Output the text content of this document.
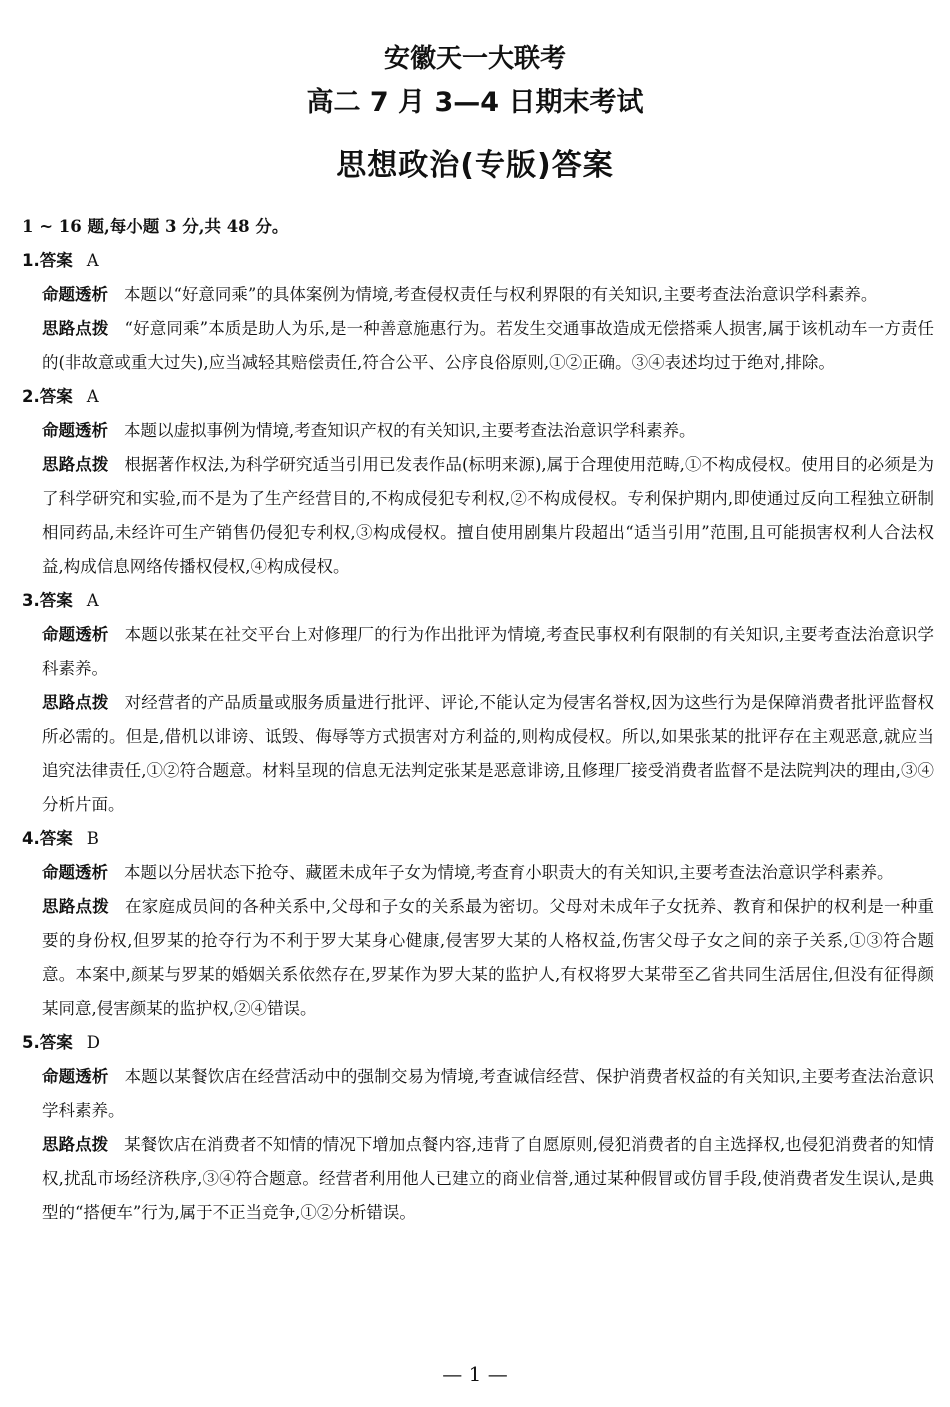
安徽天一大联考
高二 7 月 3—4 日期末考试
思想政治(专版)答案
1 ~ 16 题,每小题 3 分,共 48 分。
1.答案 A
命题透析 本题以“好意同乘”的具体案例为情境,考查侵权责任与权利界限的有关知识,主要考查法治意识学科素养。
思路点拨 “好意同乘”本质是助人为乐,是一种善意施惠行为。若发生交通事故造成无偿搭乘人损害,属于该机动车一方责任的(非故意或重大过失),应当减轻其赔偿责任,符合公平、公序良俗原则,①②正确。③④表述均过于绝对,排除。
2.答案 A
命题透析 本题以虚拟事例为情境,考查知识产权的有关知识,主要考查法治意识学科素养。
思路点拨 根据著作权法,为科学研究适当引用已发表作品(标明来源),属于合理使用范畴,①不构成侵权。使用目的必须是为了科学研究和实验,而不是为了生产经营目的,不构成侵犯专利权,②不构成侵权。专利保护期内,即使通过反向工程独立研制相同药品,未经许可生产销售仍侵犯专利权,③构成侵权。擅自使用剧集片段超出“适当引用”范围,且可能损害权利人合法权益,构成信息网络传播权侵权,④构成侵权。
3.答案 A
命题透析 本题以张某在社交平台上对修理厂的行为作出批评为情境,考查民事权利有限制的有关知识,主要考查法治意识学科素养。
思路点拨 对经营者的产品质量或服务质量进行批评、评论,不能认定为侵害名誉权,因为这些行为是保障消费者批评监督权所必需的。但是,借机以诽谤、诋毁、侮辱等方式损害对方利益的,则构成侵权。所以,如果张某的批评存在主观恶意,就应当追究法律责任,①②符合题意。材料呈现的信息无法判定张某是恶意诽谤,且修理厂接受消费者监督不是法院判决的理由,③④分析片面。
4.答案 B
命题透析 本题以分居状态下抢夺、藏匿未成年子女为情境,考查育小职责大的有关知识,主要考查法治意识学科素养。
思路点拨 在家庭成员间的各种关系中,父母和子女的关系最为密切。父母对未成年子女抚养、教育和保护的权利是一种重要的身份权,但罗某的抢夺行为不利于罗大某身心健康,侵害罗大某的人格权益,伤害父母子女之间的亲子关系,①③符合题意。本案中,颜某与罗某的婚姻关系依然存在,罗某作为罗大某的监护人,有权将罗大某带至乙省共同生活居住,但没有征得颜某同意,侵害颜某的监护权,②④错误。
5.答案 D
命题透析 本题以某餐饮店在经营活动中的强制交易为情境,考查诚信经营、保护消费者权益的有关知识,主要考查法治意识学科素养。
思路点拨 某餐饮店在消费者不知情的情况下增加点餐内容,违背了自愿原则,侵犯消费者的自主选择权,也侵犯消费者的知情权,扰乱市场经济秩序,③④符合题意。经营者利用他人已建立的商业信誉,通过某种假冒或仿冒手段,使消费者发生误认,是典型的“搭便车”行为,属于不正当竞争,①②分析错误。
— 1 —
